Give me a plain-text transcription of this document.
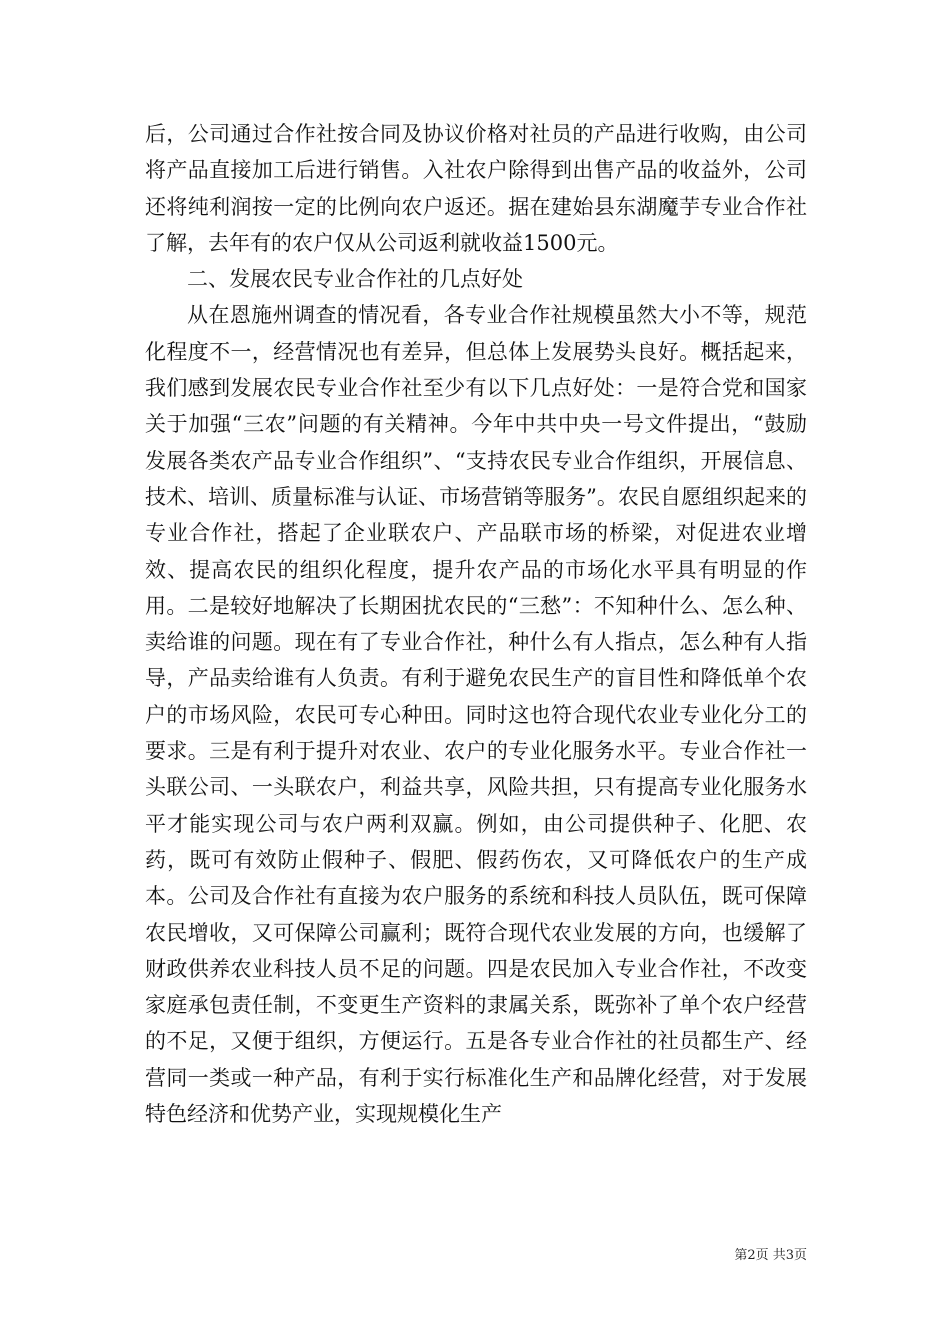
后，公司通过合作社按合同及协议价格对社员的产品进行收购，由公司将产品直接加工后进行销售。入社农户除得到出售产品的收益外，公司还将纯利润按一定的比例向农户返还。据在建始县东湖魔芋专业合作社了解，去年有的农户仅从公司返利就收益1500元。

二、发展农民专业合作社的几点好处

从在恩施州调查的情况看，各专业合作社规模虽然大小不等，规范化程度不一，经营情况也有差异，但总体上发展势头良好。概括起来，我们感到发展农民专业合作社至少有以下几点好处：一是符合党和国家关于加强“三农”问题的有关精神。今年中共中央一号文件提出，“鼓励发展各类农产品专业合作组织”、“支持农民专业合作组织，开展信息、技术、培训、质量标准与认证、市场营销等服务”。农民自愿组织起来的专业合作社，搭起了企业联农户、产品联市场的桥梁，对促进农业增效、提高农民的组织化程度，提升农产品的市场化水平具有明显的作用。二是较好地解决了长期困扰农民的“三愁”：不知种什么、怎么种、卖给谁的问题。现在有了专业合作社，种什么有人指点，怎么种有人指导，产品卖给谁有人负责。有利于避免农民生产的盲目性和降低单个农户的市场风险，农民可专心种田。同时这也符合现代农业专业化分工的要求。三是有利于提升对农业、农户的专业化服务水平。专业合作社一头联公司、一头联农户，利益共享，风险共担，只有提高专业化服务水平才能实现公司与农户两利双赢。例如，由公司提供种子、化肥、农药，既可有效防止假种子、假肥、假药伤农，又可降低农户的生产成本。公司及合作社有直接为农户服务的系统和科技人员队伍，既可保障农民增收，又可保障公司赢利；既符合现代农业发展的方向，也缓解了财政供养农业科技人员不足的问题。四是农民加入专业合作社，不改变家庭承包责任制，不变更生产资料的隶属关系，既弥补了单个农户经营的不足，又便于组织，方便运行。五是各专业合作社的社员都生产、经营同一类或一种产品，有利于实行标准化生产和品牌化经营，对于发展特色经济和优势产业，实现规模化生产

第2页 共3页
